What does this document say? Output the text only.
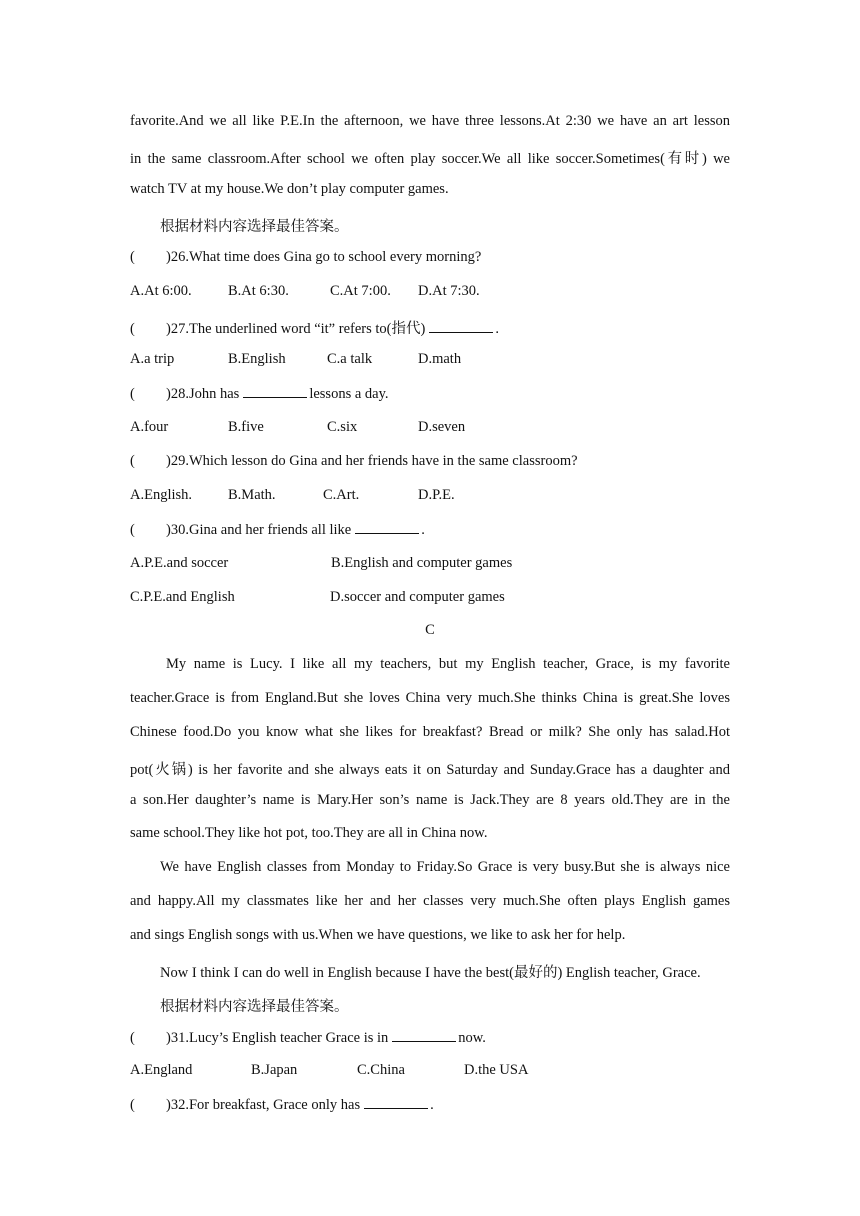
favorite.And we all like P.E.In the afternoon, we have three lessons.At 2:30 we have an art lesson
in the same classroom.After school we often play soccer.We all like soccer.Sometimes(有时) we
watch TV at my house.We don’t play computer games.
根据材料内容选择最佳答案。
( )26.What time does Gina go to school every morning?
A.At 6:00.	B.At 6:30.	C.At 7:00. D.At 7:30.
( )27.The underlined word “it” refers to(指代)	.
A.a trip	B.English	C.a talk	D.math
( )28.John has	lessons a day.
A.four	B.five	C.six	D.seven
( )29.Which lesson do Gina and her friends have in the same classroom?
A.English. B.Math.	C.Art.	D.P.E.
( )30.Gina and her friends all like	.
A.P.E.and soccer	B.English and computer games
C.P.E.and English	D.soccer and computer games
C
My name is Lucy. I like all my teachers, but my English teacher, Grace, is my favorite
teacher.Grace is from England.But she loves China very much.She thinks China is great.She loves
Chinese food.Do you know what she likes for breakfast? Bread or milk? She only has salad.Hot
pot(火锅) is her favorite and she always eats it on Saturday and Sunday.Grace has a daughter and
a son.Her daughter’s name is Mary.Her son’s name is Jack.They are 8 years old.They are in the
same school.They like hot pot, too.They are all in China now.
We have English classes from Monday to Friday.So Grace is very busy.But she is always nice
and happy.All my classmates like her and her classes very much.She often plays English games
and sings English songs with us.When we have questions, we like to ask her for help.
Now I think I can do well in English because I have the best(最好的) English teacher, Grace.
根据材料内容选择最佳答案。
( )31.Lucy’s English teacher Grace is in	now.
A.England	B.Japan	C.China	D.the USA
( )32.For breakfast, Grace only has	.
